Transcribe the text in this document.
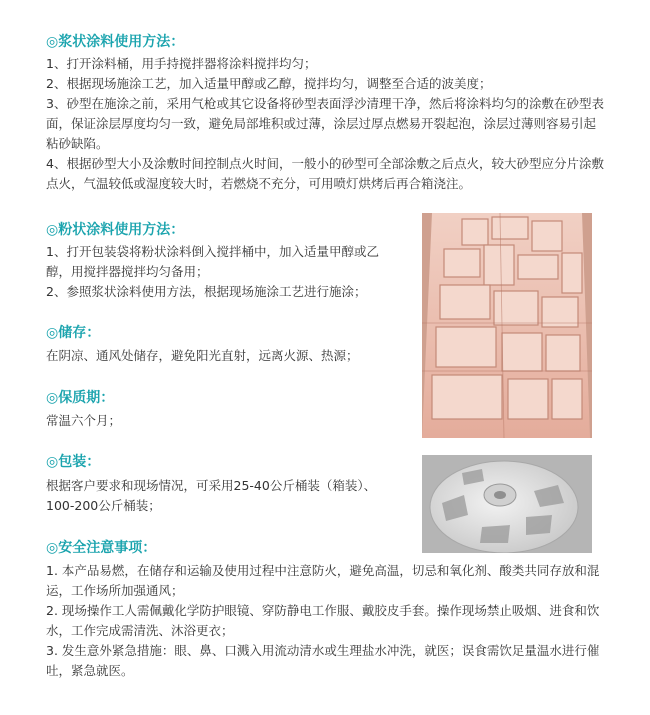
◎浆状涂料使用方法：

1、打开涂料桶，用手持搅拌器将涂料搅拌均匀；

2、根据现场施涂工艺，加入适量甲醇或乙醇，搅拌均匀，调整至合适的波美度；

3、砂型在施涂之前，采用气枪或其它设备将砂型表面浮沙清理干净，然后将涂料均匀的涂敷在砂型表面，保证涂层厚度均匀一致，避免局部堆积或过薄，涂层过厚点燃易开裂起泡，涂层过薄则容易引起粘砂缺陷。

4、根据砂型大小及涂敷时间控制点火时间，一般小的砂型可全部涂敷之后点火，较大砂型应分片涂敷点火，气温较低或湿度较大时，若燃烧不充分，可用喷灯烘烤后再合箱浇注。

◎粉状涂料使用方法：

1、打开包装袋将粉状涂料倒入搅拌桶中，加入适量甲醇或乙醇，用搅拌器搅拌均匀备用；

2、参照浆状涂料使用方法，根据现场施涂工艺进行施涂；

◎储存：
在阴凉、通风处储存，避免阳光直射，远离火源、热源；
◎保质期：
常温六个月；
◎包装：
根据客户要求和现场情况，可采用25-40公斤桶装（箱装）、100-200公斤桶装；
◎安全注意事项：

1. 本产品易燃，在储存和运输及使用过程中注意防火，避免高温，切忌和氧化剂、酸类共同存放和混运，工作场所加强通风；

2. 现场操作工人需佩戴化学防护眼镜、穿防静电工作服、戴胶皮手套。操作现场禁止吸烟、进食和饮水，工作完成需清洗、沐浴更衣；

3. 发生意外紧急措施：眼、鼻、口溅入用流动清水或生理盐水冲洗，就医；误食需饮足量温水进行催吐，紧急就医。
